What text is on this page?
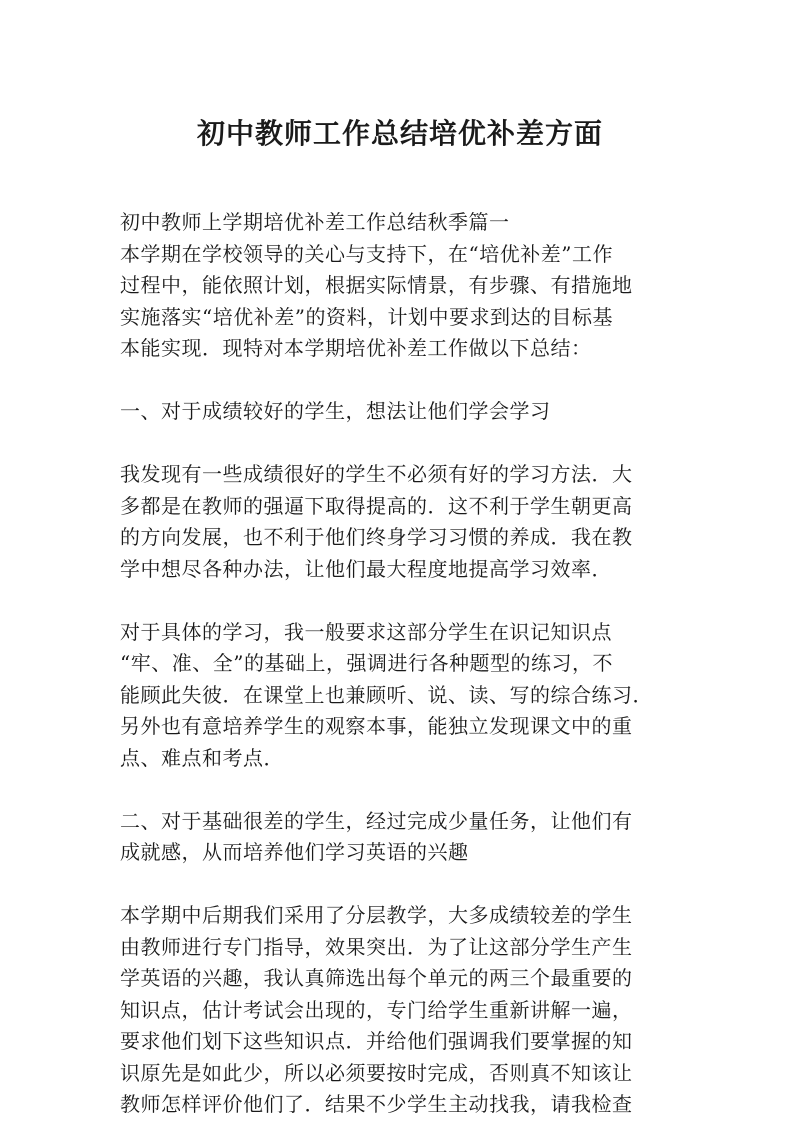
初中教师工作总结培优补差方面
初中教师上学期培优补差工作总结秋季篇一
本学期在学校领导的关心与支持下，在“培优补差”工作
过程中，能依照计划，根据实际情景，有步骤、有措施地
实施落实“培优补差”的资料，计划中要求到达的目标基
本能实现．现特对本学期培优补差工作做以下总结：
一、对于成绩较好的学生，想法让他们学会学习
我发现有一些成绩很好的学生不必须有好的学习方法．大
多都是在教师的强逼下取得提高的．这不利于学生朝更高
的方向发展，也不利于他们终身学习习惯的养成．我在教
学中想尽各种办法，让他们最大程度地提高学习效率．
对于具体的学习，我一般要求这部分学生在识记知识点
“牢、准、全”的基础上，强调进行各种题型的练习，不
能顾此失彼．在课堂上也兼顾听、说、读、写的综合练习．
另外也有意培养学生的观察本事，能独立发现课文中的重
点、难点和考点．
二、对于基础很差的学生，经过完成少量任务，让他们有
成就感，从而培养他们学习英语的兴趣
本学期中后期我们采用了分层教学，大多成绩较差的学生
由教师进行专门指导，效果突出．为了让这部分学生产生
学英语的兴趣，我认真筛选出每个单元的两三个最重要的
知识点，估计考试会出现的，专门给学生重新讲解一遍，
要求他们划下这些知识点．并给他们强调我们要掌握的知
识原先是如此少，所以必须要按时完成，否则真不知该让
教师怎样评价他们了．结果不少学生主动找我，请我检查
